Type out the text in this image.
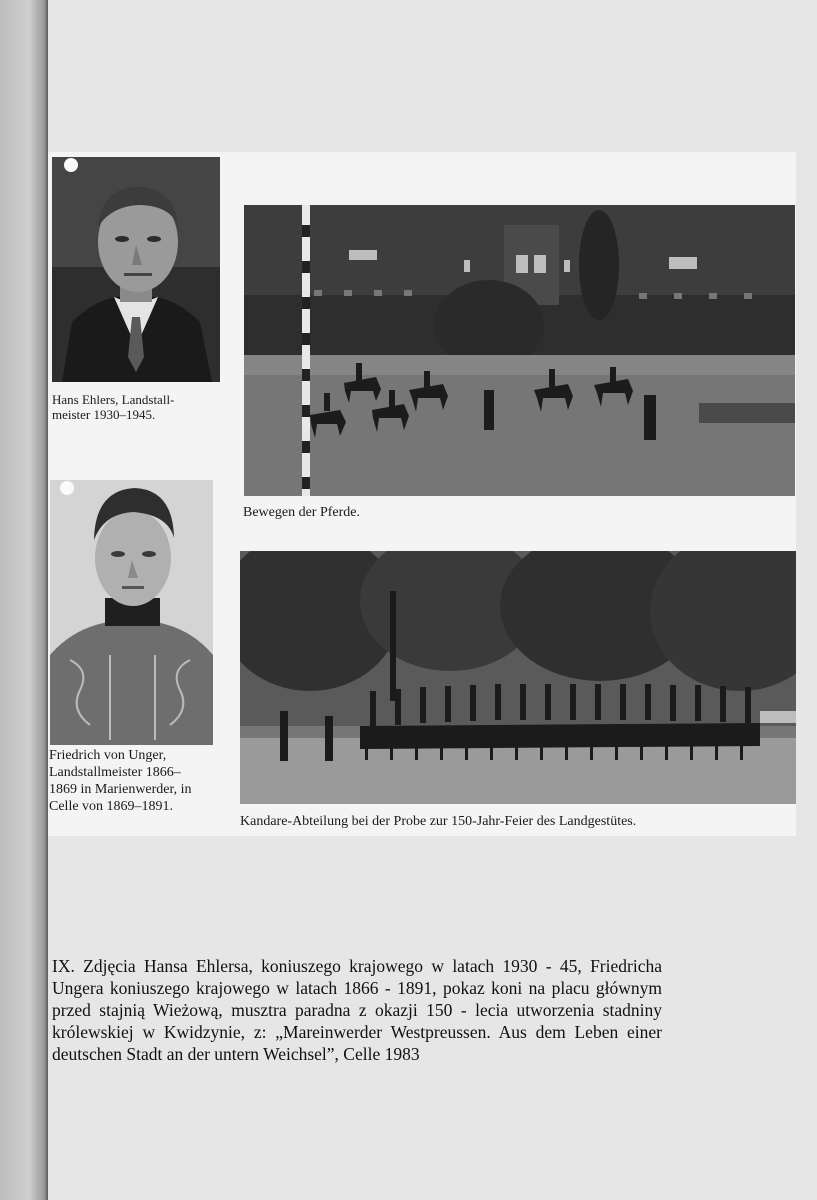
Hans Ehlers, Landstall-
meister 1930–1945.
Bewegen der Pferde.
Friedrich von Unger,
Landstallmeister 1866–
1869 in Marienwerder, in
Celle von 1869–1891.
Kandare-Abteilung bei der Probe zur 150-Jahr-Feier des Landgestütes.
IX. Zdjęcia Hansa Ehlersa, koniuszego krajowego w latach 1930 - 45, Friedricha Ungera koniuszego krajowego w latach 1866 - 1891, pokaz koni na placu głównym przed stajnią Wieżową, musztra paradna z okazji 150 - lecia utworzenia stadniny królewskiej w Kwidzynie, z: „Mareinwerder Westpreussen. Aus dem Leben einer deutschen Stadt an der untern Weichsel”, Celle 1983
